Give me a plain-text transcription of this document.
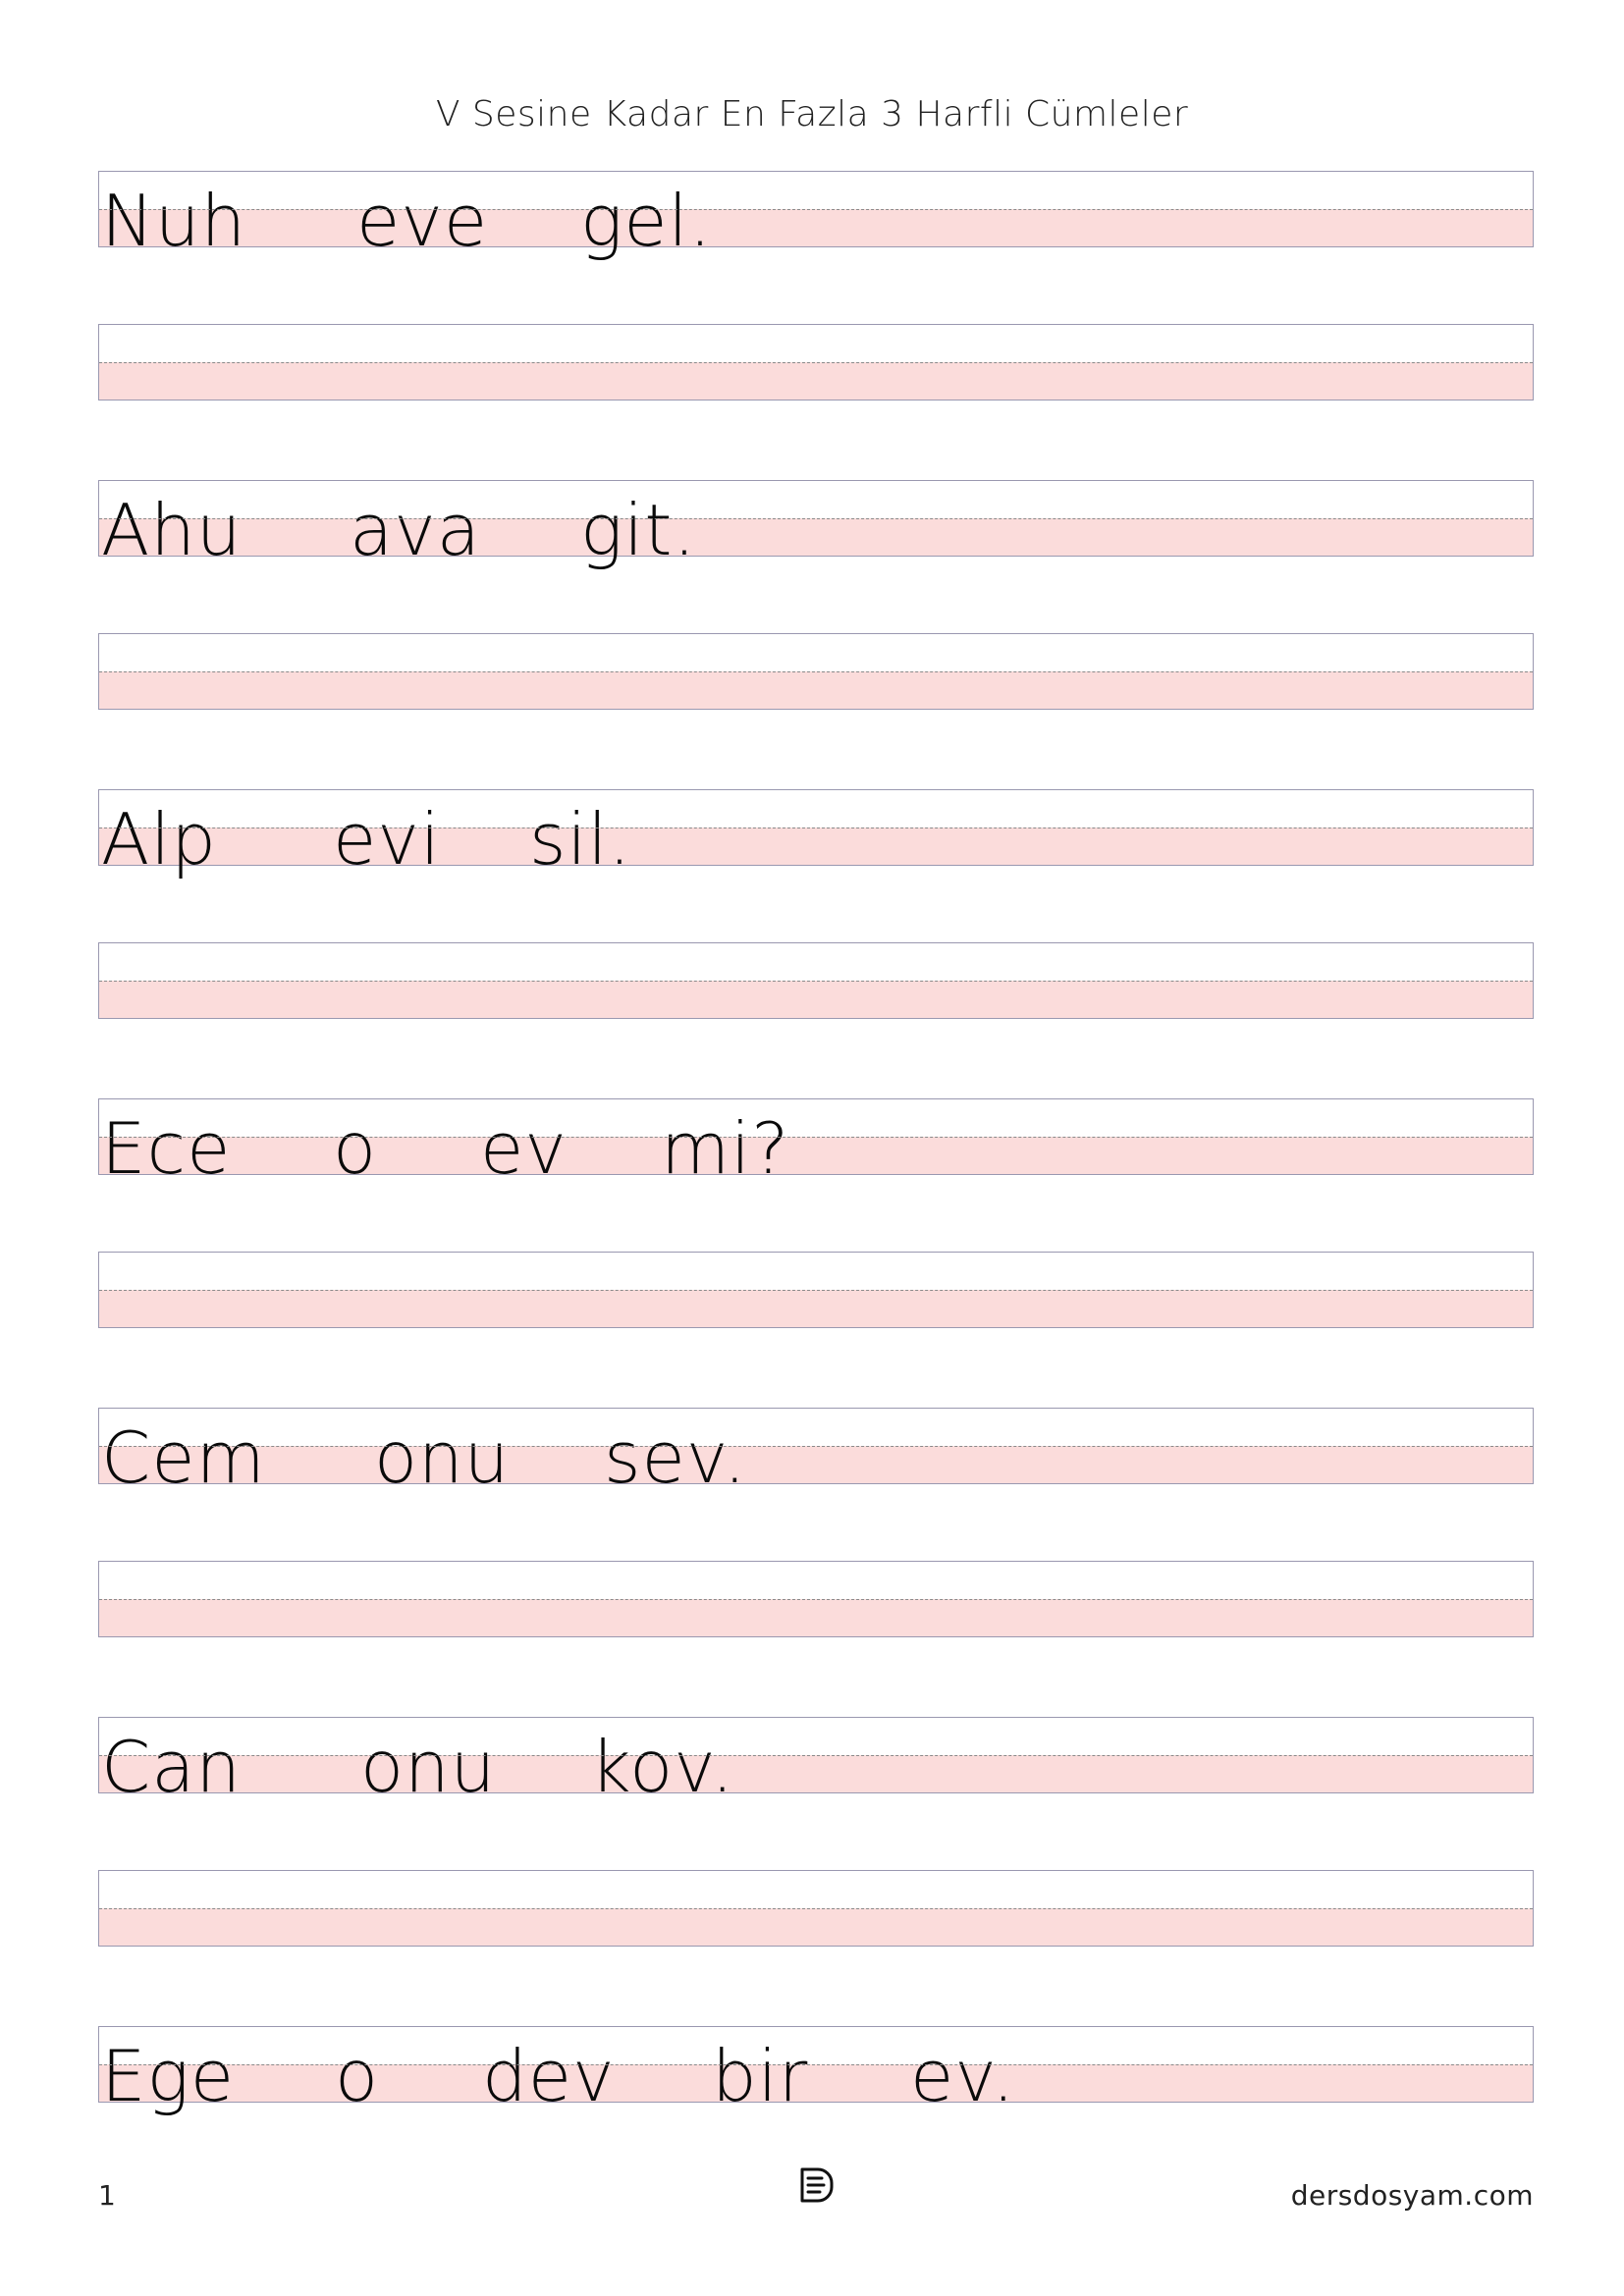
V Sesine Kadar En Fazla 3 Harfli Cümleler
Nuh eve gel.
Ahu ava git.
Alp evi sil.
Ece o ev mi?
Cem onu sev.
Can onu kov.
Ege o dev bir ev.
1	dersdosyam.com
